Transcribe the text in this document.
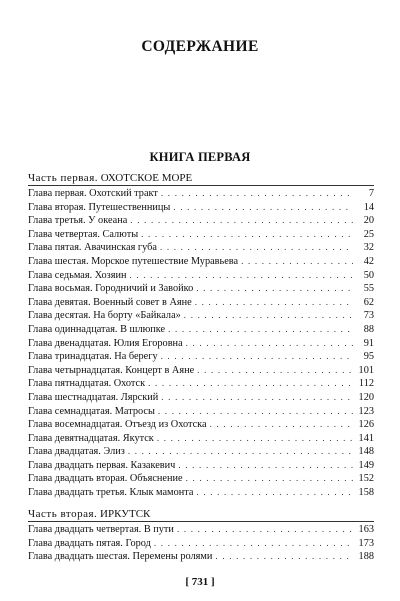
СОДЕРЖАНИЕ
КНИГА ПЕРВАЯ
Часть первая. ОХОТСКОЕ МОРЕ
Глава первая. Охотский тракт . . .	7
Глава вторая. Путешественницы . . .	14
Глава третья. У океана . . .	20
Глава четвертая. Салюты . . .	25
Глава пятая. Авачинская губа . . .	32
Глава шестая. Морское путешествие Муравьева . . .	42
Глава седьмая. Хозяин . . .	50
Глава восьмая. Городничий и Завойко . . .	55
Глава девятая. Военный совет в Аяне . . .	62
Глава десятая. На борту «Байкала» . . .	73
Глава одиннадцатая. В шлюпке . . .	88
Глава двенадцатая. Юлия Егоровна . . .	91
Глава тринадцатая. На берегу . . .	95
Глава четырнадцатая. Концерт в Аяне . . .	101
Глава пятнадцатая. Охотск . . .	112
Глава шестнадцатая. Лярский . . .	120
Глава семнадцатая. Матросы . . .	123
Глава восемнадцатая. Отъезд из Охотска . . .	126
Глава девятнадцатая. Якутск . . .	141
Глава двадцатая. Элиз . . .	148
Глава двадцать первая. Казакевич . . .	149
Глава двадцать вторая. Объяснение . . .	152
Глава двадцать третья. Клык мамонта . . .	158
Часть вторая. ИРКУТСК
Глава двадцать четвертая. В пути . . .	163
Глава двадцать пятая. Город . . .	173
Глава двадцать шестая. Перемены ролями . . .	188
[ 731 ]
